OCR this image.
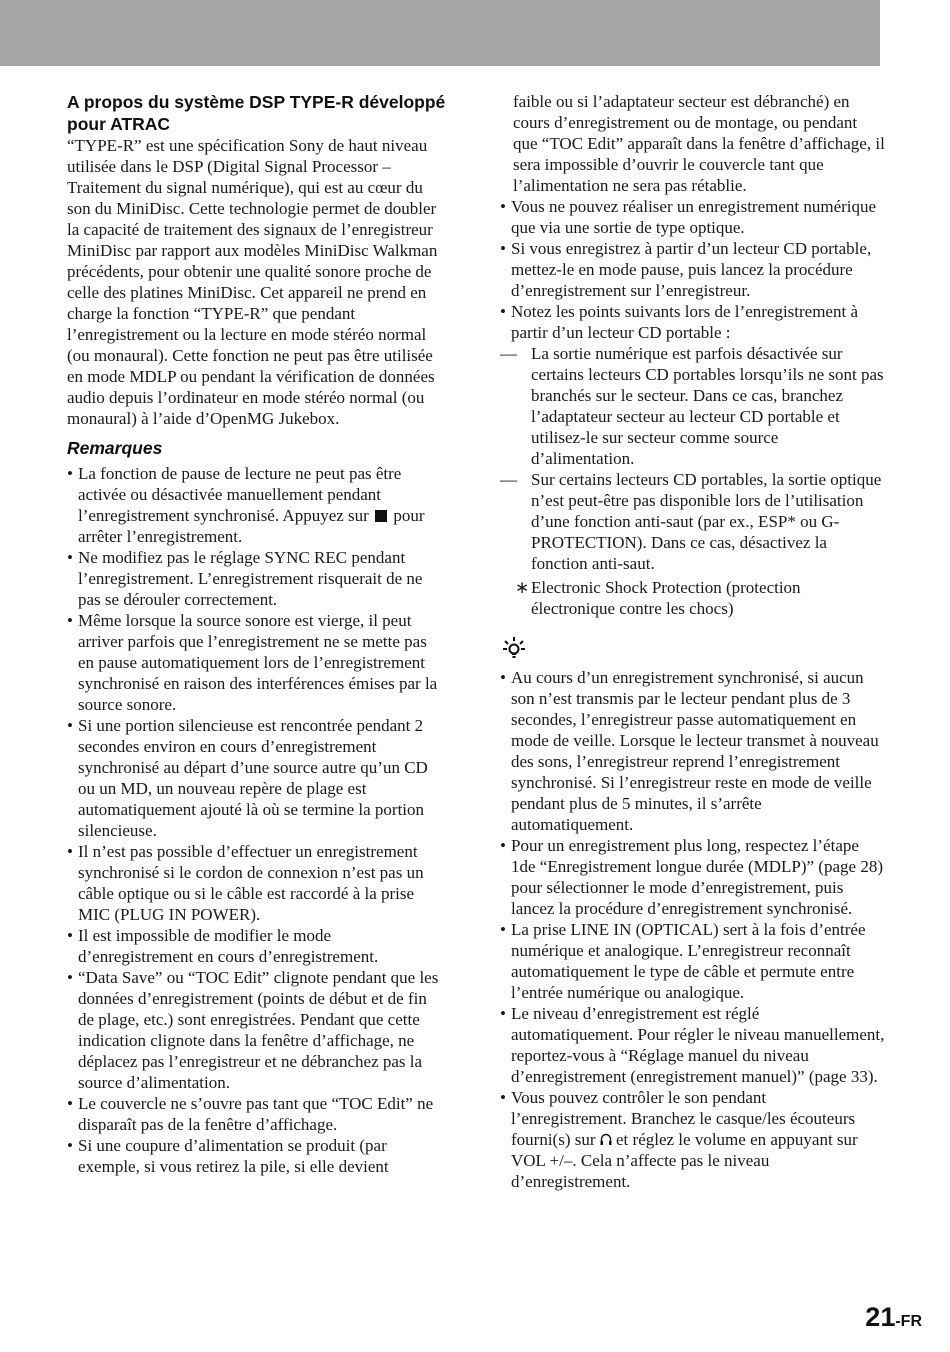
A propos du système DSP TYPE-R développé pour ATRAC

“TYPE-R” est une spécification Sony de haut niveau utilisée dans le DSP (Digital Signal Processor – Traitement du signal numérique), qui est au cœur du son du MiniDisc. Cette technologie permet de doubler la capacité de traitement des signaux de l’enregistreur MiniDisc par rapport aux modèles MiniDisc Walkman précédents, pour obtenir une qualité sonore proche de celle des platines MiniDisc. Cet appareil ne prend en charge la fonction “TYPE-R” que pendant l’enregistrement ou la lecture en mode stéréo normal (ou monaural). Cette fonction ne peut pas être utilisée en mode MDLP ou pendant la vérification de données audio depuis l’ordinateur en mode stéréo normal (ou monaural) à l’aide d’OpenMG Jukebox.

Remarques
• La fonction de pause de lecture ne peut pas être activée ou désactivée manuellement pendant l’enregistrement synchronisé. Appuyez sur pour arrêter l’enregistrement.
• Ne modifiez pas le réglage SYNC REC pendant l’enregistrement. L’enregistrement risquerait de ne pas se dérouler correctement.
• Même lorsque la source sonore est vierge, il peut arriver parfois que l’enregistrement ne se mette pas en pause automatiquement lors de l’enregistrement synchronisé en raison des interférences émises par la source sonore.
• Si une portion silencieuse est rencontrée pendant 2 secondes environ en cours d’enregistrement synchronisé au départ d’une source autre qu’un CD ou un MD, un nouveau repère de plage est automatiquement ajouté là où se termine la portion silencieuse.
• Il n’est pas possible d’effectuer un enregistrement synchronisé si le cordon de connexion n’est pas un câble optique ou si le câble est raccordé à la prise MIC (PLUG IN POWER).
• Il est impossible de modifier le mode d’enregistrement en cours d’enregistrement.
• “Data Save” ou “TOC Edit” clignote pendant que les données d’enregistrement (points de début et de fin de plage, etc.) sont enregistrées. Pendant que cette indication clignote dans la fenêtre d’affichage, ne déplacez pas l’enregistreur et ne débranchez pas la source d’alimentation.
• Le couvercle ne s’ouvre pas tant que “TOC Edit” ne disparaît pas de la fenêtre d’affichage.
• Si une coupure d’alimentation se produit (par exemple, si vous retirez la pile, si elle devient

faible ou si l’adaptateur secteur est débranché) en cours d’enregistrement ou de montage, ou pendant que “TOC Edit” apparaît dans la fenêtre d’affichage, il sera impossible d’ouvrir le couvercle tant que l’alimentation ne sera pas rétablie.

• Vous ne pouvez réaliser un enregistrement numérique que via une sortie de type optique.
• Si vous enregistrez à partir d’un lecteur CD portable, mettez-le en mode pause, puis lancez la procédure d’enregistrement sur l’enregistreur.
• Notez les points suivants lors de l’enregistrement à partir d’un lecteur CD portable :
— La sortie numérique est parfois désactivée sur certains lecteurs CD portables lorsqu’ils ne sont pas branchés sur le secteur. Dans ce cas, branchez l’adaptateur secteur au lecteur CD portable et utilisez-le sur secteur comme source d’alimentation.
— Sur certains lecteurs CD portables, la sortie optique n’est peut-être pas disponible lors de l’utilisation d’une fonction anti-saut (par ex., ESP* ou G-PROTECTION). Dans ce cas, désactivez la fonction anti-saut.
∗ Electronic Shock Protection (protection électronique contre les chocs)
• Au cours d’un enregistrement synchronisé, si aucun son n’est transmis par le lecteur pendant plus de 3 secondes, l’enregistreur passe automatiquement en mode de veille. Lorsque le lecteur transmet à nouveau des sons, l’enregistreur reprend l’enregistrement synchronisé. Si l’enregistreur reste en mode de veille pendant plus de 5 minutes, il s’arrête automatiquement.
• Pour un enregistrement plus long, respectez l’étape 1de “Enregistrement longue durée (MDLP)” (page 28) pour sélectionner le mode d’enregistrement, puis lancez la procédure d’enregistrement synchronisé.
• La prise LINE IN (OPTICAL) sert à la fois d’entrée numérique et analogique. L’enregistreur reconnaît automatiquement le type de câble et permute entre l’entrée numérique ou analogique.
• Le niveau d’enregistrement est réglé automatiquement. Pour régler le niveau manuellement, reportez-vous à “Réglage manuel du niveau d’enregistrement (enregistrement manuel)” (page 33).
• Vous pouvez contrôler le son pendant l’enregistrement. Branchez le casque/les écouteurs fourni(s) sur et réglez le volume en appuyant sur VOL +/–. Cela n’affecte pas le niveau d’enregistrement.
21-FR
